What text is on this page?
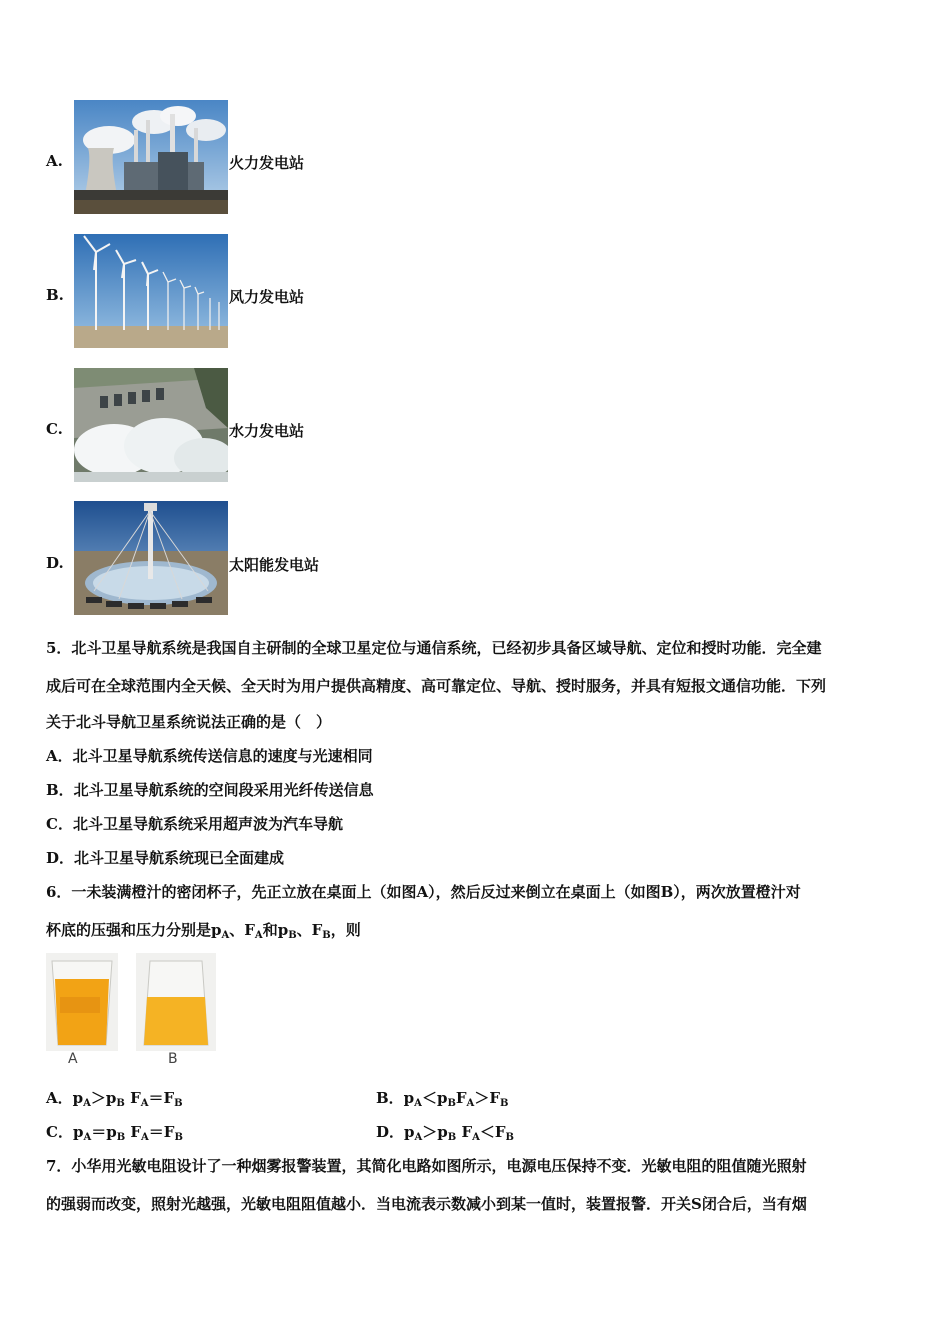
A.	火力发电站
B.	风力发电站
C.	水力发电站
D.	太阳能发电站
5．北斗卫星导航系统是我国自主研制的全球卫星定位与通信系统，已经初步具备区域导航、定位和授时功能．完全建
成后可在全球范围内全天候、全天时为用户提供高精度、高可靠定位、导航、授时服务，并具有短报文通信功能．下列
关于北斗导航卫星系统说法正确的是（　）
A．北斗卫星导航系统传送信息的速度与光速相同
B．北斗卫星导航系统的空间段采用光纤传送信息
C．北斗卫星导航系统采用超声波为汽车导航
D．北斗卫星导航系统现已全面建成
6．一未装满橙汁的密闭杯子，先正立放在桌面上（如图A），然后反过来倒立在桌面上（如图B），两次放置橙汁对
杯底的压强和压力分别是$p_A$、$F_A$和$p_B$、$F_B$，则
A	B
A．$p_A>p_B$ $F_A=F_B$	B．$p_A<p_BF_A>F_B$
C．$p_A=p_B$ $F_A=F_B$	D．$p_A>p_B$ $F_A<F_B$
7．小华用光敏电阻设计了一种烟雾报警装置，其简化电路如图所示，电源电压保持不变．光敏电阻的阻值随光照射
的强弱而改变，照射光越强，光敏电阻阻值越小．当电流表示数减小到某一值时，装置报警．开关S闭合后，当有烟
